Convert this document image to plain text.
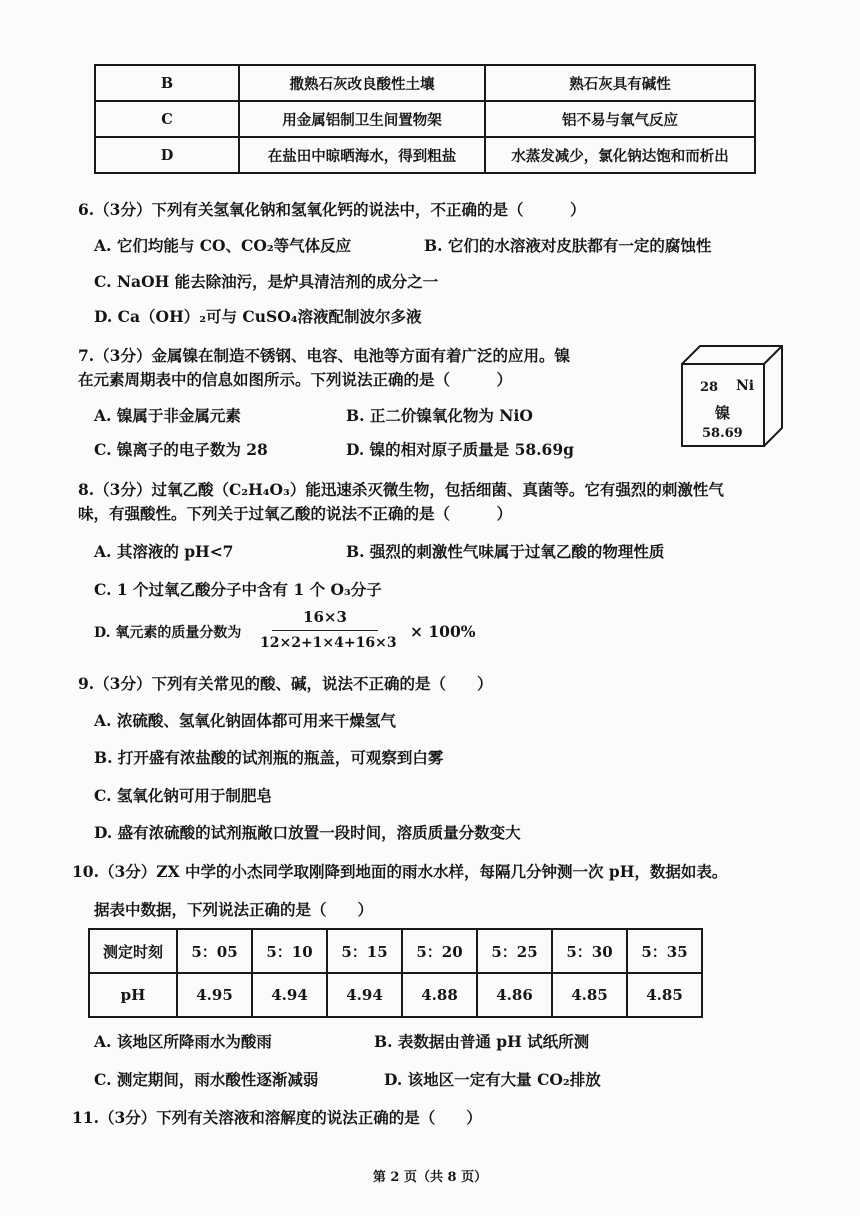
B	撒熟石灰改良酸性土壤	熟石灰具有碱性
C	用金属铝制卫生间置物架	铝不易与氧气反应
D	在盐田中晾晒海水，得到粗盐	水蒸发减少，氯化钠达饱和而析出
6.（3分）下列有关氢氧化钠和氢氧化钙的说法中，不正确的是（　　　）
A. 它们均能与 CO、CO₂等气体反应	B. 它们的水溶液对皮肤都有一定的腐蚀性
C. NaOH 能去除油污，是炉具清洁剂的成分之一
D. Ca（OH）₂可与 CuSO₄溶液配制波尔多液
7.（3分）金属镍在制造不锈钢、电容、电池等方面有着广泛的应用。镍
在元素周期表中的信息如图所示。下列说法正确的是（　　　）
A. 镍属于非金属元素	B. 正二价镍氧化物为 NiO
C. 镍离子的电子数为 28	D. 镍的相对原子质量是 58.69g
28 Ni
镍
58.69
8.（3分）过氧乙酸（C₂H₄O₃）能迅速杀灭微生物，包括细菌、真菌等。它有强烈的刺激性气
味，有强酸性。下列关于过氧乙酸的说法不正确的是（　　　）
A. 其溶液的 pH<7	B. 强烈的刺激性气味属于过氧乙酸的物理性质
C. 1 个过氧乙酸分子中含有 1 个 O₃分子
D. 氧元素的质量分数为
16×3
12×2+1×4+16×3
× 100%
9.（3分）下列有关常见的酸、碱，说法不正确的是（　　）
A. 浓硫酸、氢氧化钠固体都可用来干燥氢气
B. 打开盛有浓盐酸的试剂瓶的瓶盖，可观察到白雾
C. 氢氧化钠可用于制肥皂
D. 盛有浓硫酸的试剂瓶敞口放置一段时间，溶质质量分数变大
10.（3分）ZX 中学的小杰同学取刚降到地面的雨水水样，每隔几分钟测一次 pH，数据如表。
据表中数据，下列说法正确的是（　　）
测定时刻	5：05	5：10	5：15	5：20	5：25	5：30	5：35
pH	4.95	4.94	4.94	4.88	4.86	4.85	4.85
A. 该地区所降雨水为酸雨	B. 表数据由普通 pH 试纸所测
C. 测定期间，雨水酸性逐渐减弱	D. 该地区一定有大量 CO₂排放
11.（3分）下列有关溶液和溶解度的说法正确的是（　　）
第 2 页（共 8 页）
